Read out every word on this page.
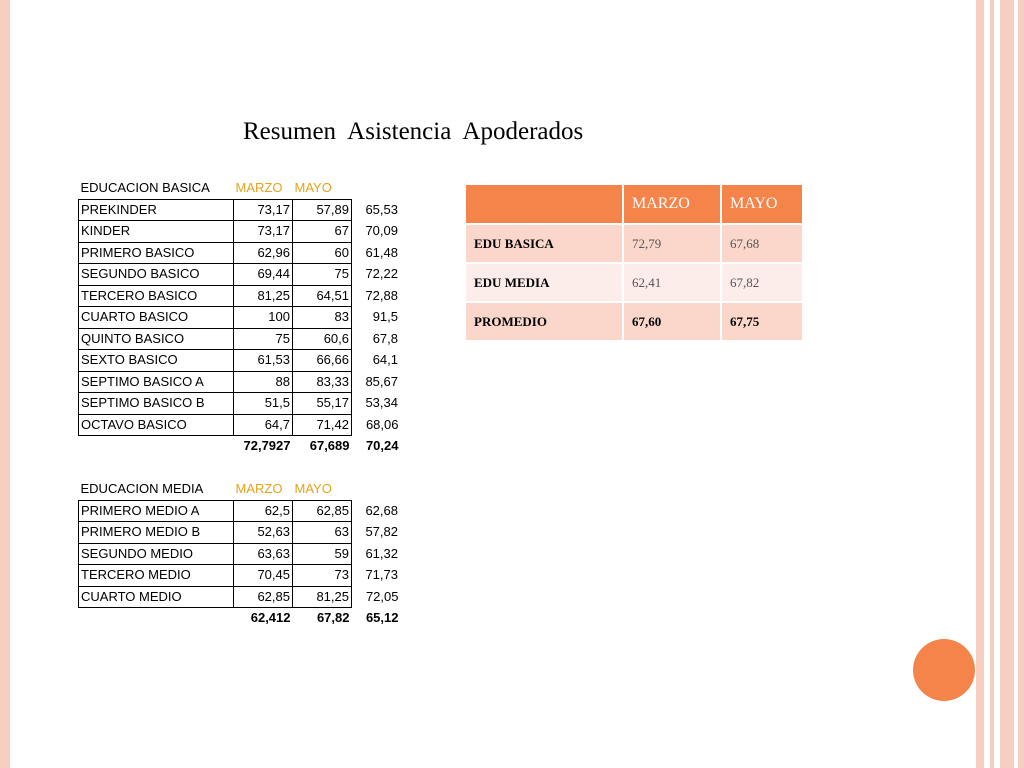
Resumen  Asistencia  Apoderados
EDUCACION BASICA	MARZO	MAYO	
PREKINDER	73,17	57,89	65,53
KINDER	73,17	67	70,09
PRIMERO BASICO	62,96	60	61,48
SEGUNDO BASICO	69,44	75	72,22
TERCERO BASICO	81,25	64,51	72,88
CUARTO BASICO	100	83	91,5
QUINTO BASICO	75	60,6	67,8
SEXTO BASICO	61,53	66,66	64,1
SEPTIMO BASICO A	88	83,33	85,67
SEPTIMO BASICO B	51,5	55,17	53,34
OCTAVO BASICO	64,7	71,42	68,06
	72,7927	67,689	70,24
EDUCACION MEDIA	MARZO	MAYO	
PRIMERO MEDIO A	62,5	62,85	62,68
PRIMERO MEDIO B	52,63	63	57,82
SEGUNDO MEDIO	63,63	59	61,32
TERCERO MEDIO	70,45	73	71,73
CUARTO MEDIO	62,85	81,25	72,05
	62,412	67,82	65,12
	MARZO	MAYO
EDU BASICA	72,79	67,68
EDU MEDIA	62,41	67,82
PROMEDIO	67,60	67,75
